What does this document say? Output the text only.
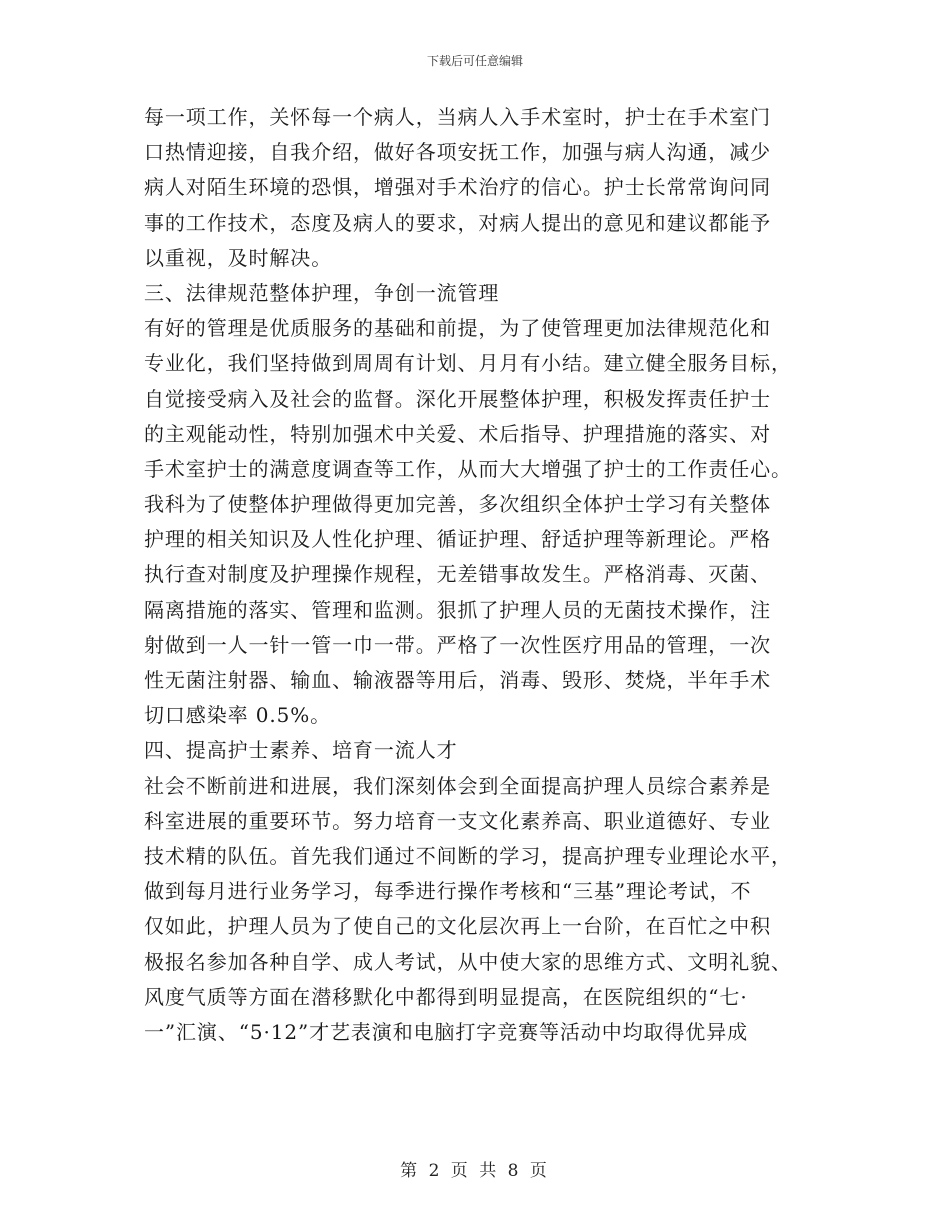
下载后可任意编辑
每一项工作，关怀每一个病人，当病人入手术室时，护士在手术室门
口热情迎接，自我介绍，做好各项安抚工作，加强与病人沟通，减少
病人对陌生环境的恐惧，增强对手术治疗的信心。护士长常常询问同
事的工作技术，态度及病人的要求，对病人提出的意见和建议都能予
以重视，及时解决。
三、法律规范整体护理，争创一流管理
有好的管理是优质服务的基础和前提，为了使管理更加法律规范化和
专业化，我们坚持做到周周有计划、月月有小结。建立健全服务目标，
自觉接受病入及社会的监督。深化开展整体护理，积极发挥责任护士
的主观能动性，特别加强术中关爱、术后指导、护理措施的落实、对
手术室护士的满意度调查等工作，从而大大增强了护士的工作责任心。
我科为了使整体护理做得更加完善，多次组织全体护士学习有关整体
护理的相关知识及人性化护理、循证护理、舒适护理等新理论。严格
执行查对制度及护理操作规程，无差错事故发生。严格消毒、灭菌、
隔离措施的落实、管理和监测。狠抓了护理人员的无菌技术操作，注
射做到一人一针一管一巾一带。严格了一次性医疗用品的管理，一次
性无菌注射器、输血、输液器等用后，消毒、毁形、焚烧，半年手术
切口感染率 0.5%。
四、提高护士素养、培育一流人才
社会不断前进和进展，我们深刻体会到全面提高护理人员综合素养是
科室进展的重要环节。努力培育一支文化素养高、职业道德好、专业
技术精的队伍。首先我们通过不间断的学习，提高护理专业理论水平，
做到每月进行业务学习，每季进行操作考核和“三基”理论考试，不
仅如此，护理人员为了使自己的文化层次再上一台阶，在百忙之中积
极报名参加各种自学、成人考试，从中使大家的思维方式、文明礼貌、
风度气质等方面在潜移默化中都得到明显提高，在医院组织的“七·
一”汇演、“5·12”才艺表演和电脑打字竞赛等活动中均取得优异成
第 2 页 共 8 页
